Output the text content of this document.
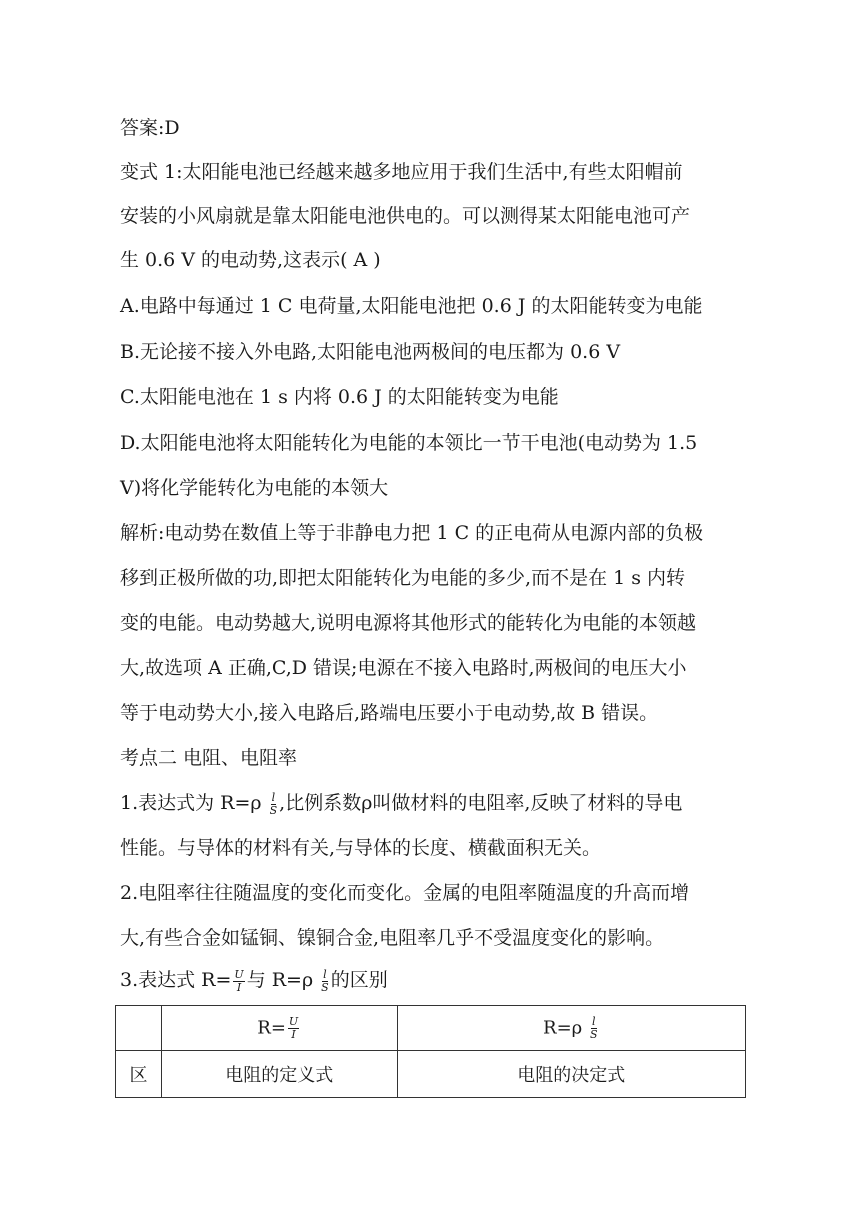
答案:D
变式 1:太阳能电池已经越来越多地应用于我们生活中,有些太阳帽前
安装的小风扇就是靠太阳能电池供电的。可以测得某太阳能电池可产
生 0.6 V 的电动势,这表示( A )
A.电路中每通过 1 C 电荷量,太阳能电池把 0.6 J 的太阳能转变为电能
B.无论接不接入外电路,太阳能电池两极间的电压都为 0.6 V
C.太阳能电池在 1 s 内将 0.6 J 的太阳能转变为电能
D.太阳能电池将太阳能转化为电能的本领比一节干电池(电动势为 1.5
V)将化学能转化为电能的本领大
解析:电动势在数值上等于非静电力把 1 C 的正电荷从电源内部的负极
移到正极所做的功,即把太阳能转化为电能的多少,而不是在 1 s 内转
变的电能。电动势越大,说明电源将其他形式的能转化为电能的本领越
大,故选项 A 正确,C,D 错误;电源在不接入电路时,两极间的电压大小
等于电动势大小,接入电路后,路端电压要小于电动势,故 B 错误。
考点二 电阻、电阻率
1.表达式为 $R=\rho \frac{l}{S}$ ,比例系数ρ叫做材料的电阻率,反映了材料的导电
性能。与导体的材料有关,与导体的长度、横截面积无关。
2.电阻率往往随温度的变化而变化。金属的电阻率随温度的升高而增
大,有些合金如锰铜、镍铜合金,电阻率几乎不受温度变化的影响。
3.表达式 $R= \frac{U}{I}$ 与 $R=\rho \frac{l}{S}$ 的区别
	$R= \frac{U}{I}$	$R=\rho \frac{l}{S}$

区	电阻的定义式	电阻的决定式
